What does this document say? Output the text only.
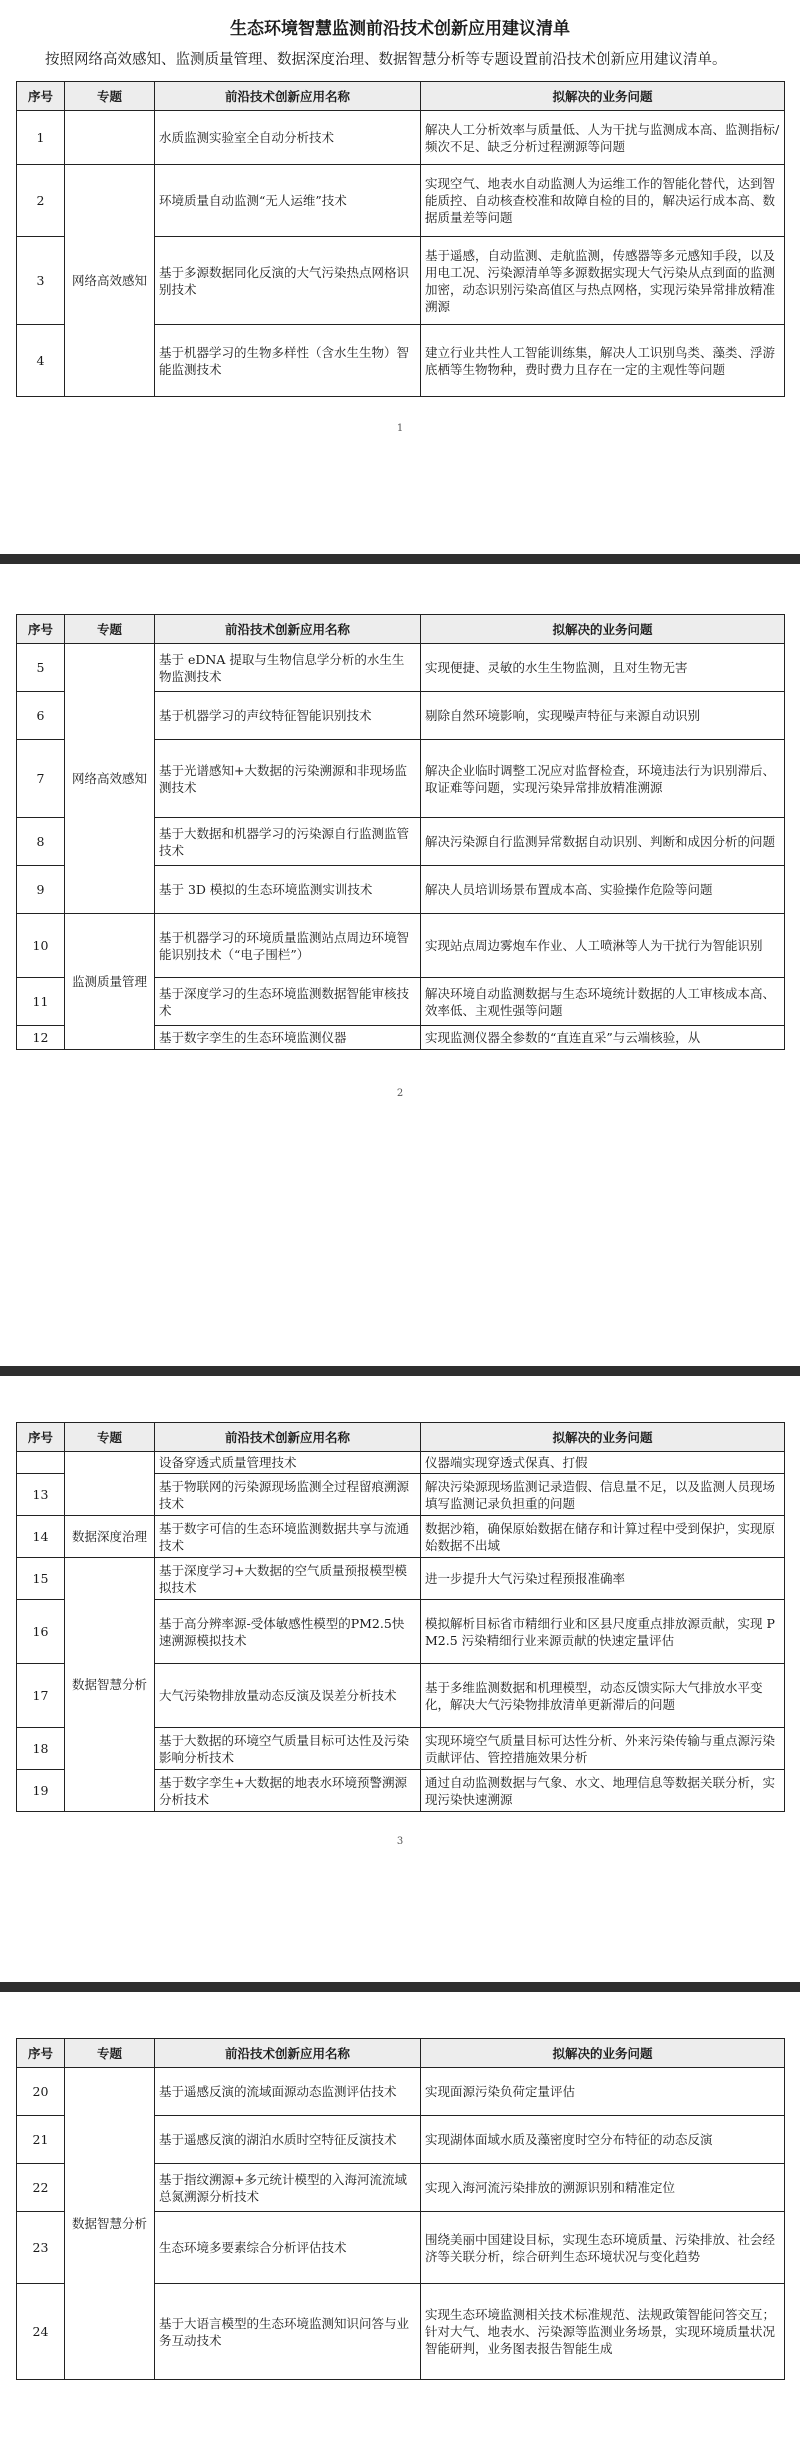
生态环境智慧监测前沿技术创新应用建议清单

按照网络高效感知、监测质量管理、数据深度治理、数据智慧分析等专题设置前沿技术创新应用建议清单。

序号	专题	前沿技术创新应用名称	拟解决的业务问题
1		水质监测实验室全自动分析技术	解决人工分析效率与质量低、人为干扰与监测成本高、监测指标/频次不足、缺乏分析过程溯源等问题
2	网络高效感知	环境质量自动监测“无人运维”技术	实现空气、地表水自动监测人为运维工作的智能化替代，达到智能质控、自动核查校准和故障自检的目的，解决运行成本高、数据质量差等问题
3		基于多源数据同化反演的大气污染热点网格识别技术	基于遥感，自动监测、走航监测，传感器等多元感知手段，以及用电工况、污染源清单等多源数据实现大气污染从点到面的监测加密，动态识别污染高值区与热点网格，实现污染异常排放精准溯源
4		基于机器学习的生物多样性（含水生生物）智能监测技术	建立行业共性人工智能训练集，解决人工识别鸟类、藻类、浮游底栖等生物物种，费时费力且存在一定的主观性等问题
1
序号	专题	前沿技术创新应用名称	拟解决的业务问题
5	网络高效感知	基于 eDNA 提取与生物信息学分析的水生生物监测技术	实现便捷、灵敏的水生生物监测，且对生物无害
6		基于机器学习的声纹特征智能识别技术	剔除自然环境影响，实现噪声特征与来源自动识别
7		基于光谱感知+大数据的污染溯源和非现场监测技术	解决企业临时调整工况应对监督检查，环境违法行为识别滞后、取证难等问题，实现污染异常排放精准溯源
8		基于大数据和机器学习的污染源自行监测监管技术	解决污染源自行监测异常数据自动识别、判断和成因分析的问题
9		基于 3D 模拟的生态环境监测实训技术	解决人员培训场景布置成本高、实验操作危险等问题
10	监测质量管理	基于机器学习的环境质量监测站点周边环境智能识别技术（“电子围栏”）	实现站点周边雾炮车作业、人工喷淋等人为干扰行为智能识别
11		基于深度学习的生态环境监测数据智能审核技术	解决环境自动监测数据与生态环境统计数据的人工审核成本高、效率低、主观性强等问题
12		基于数字孪生的生态环境监测仪器	实现监测仪器全参数的“直连直采”与云端核验，从
2
序号	专题	前沿技术创新应用名称	拟解决的业务问题
		设备穿透式质量管理技术	仪器端实现穿透式保真、打假
13		基于物联网的污染源现场监测全过程留痕溯源技术	解决污染源现场监测记录造假、信息量不足，以及监测人员现场填写监测记录负担重的问题
14	数据深度治理	基于数字可信的生态环境监测数据共享与流通技术	数据沙箱，确保原始数据在储存和计算过程中受到保护，实现原始数据不出域
15	数据智慧分析	基于深度学习+大数据的空气质量预报模型模拟技术	进一步提升大气污染过程预报准确率
16		基于高分辨率源-受体敏感性模型的PM2.5快速溯源模拟技术	模拟解析目标省市精细行业和区县尺度重点排放源贡献，实现 PM2.5 污染精细行业来源贡献的快速定量评估
17		大气污染物排放量动态反演及误差分析技术	基于多维监测数据和机理模型，动态反馈实际大气排放水平变化，解决大气污染物排放清单更新滞后的问题
18		基于大数据的环境空气质量目标可达性及污染影响分析技术	实现环境空气质量目标可达性分析、外来污染传输与重点源污染贡献评估、管控措施效果分析
19		基于数字孪生+大数据的地表水环境预警溯源分析技术	通过自动监测数据与气象、水文、地理信息等数据关联分析，实现污染快速溯源
3
序号	专题	前沿技术创新应用名称	拟解决的业务问题
20	数据智慧分析	基于遥感反演的流域面源动态监测评估技术	实现面源污染负荷定量评估
21		基于遥感反演的湖泊水质时空特征反演技术	实现湖体面域水质及藻密度时空分布特征的动态反演
22		基于指纹溯源+多元统计模型的入海河流流域总氮溯源分析技术	实现入海河流污染排放的溯源识别和精准定位
23		生态环境多要素综合分析评估技术	围绕美丽中国建设目标，实现生态环境质量、污染排放、社会经济等关联分析，综合研判生态环境状况与变化趋势
24		基于大语言模型的生态环境监测知识问答与业务互动技术	实现生态环境监测相关技术标准规范、法规政策智能问答交互；针对大气、地表水、污染源等监测业务场景，实现环境质量状况智能研判，业务图表报告智能生成
